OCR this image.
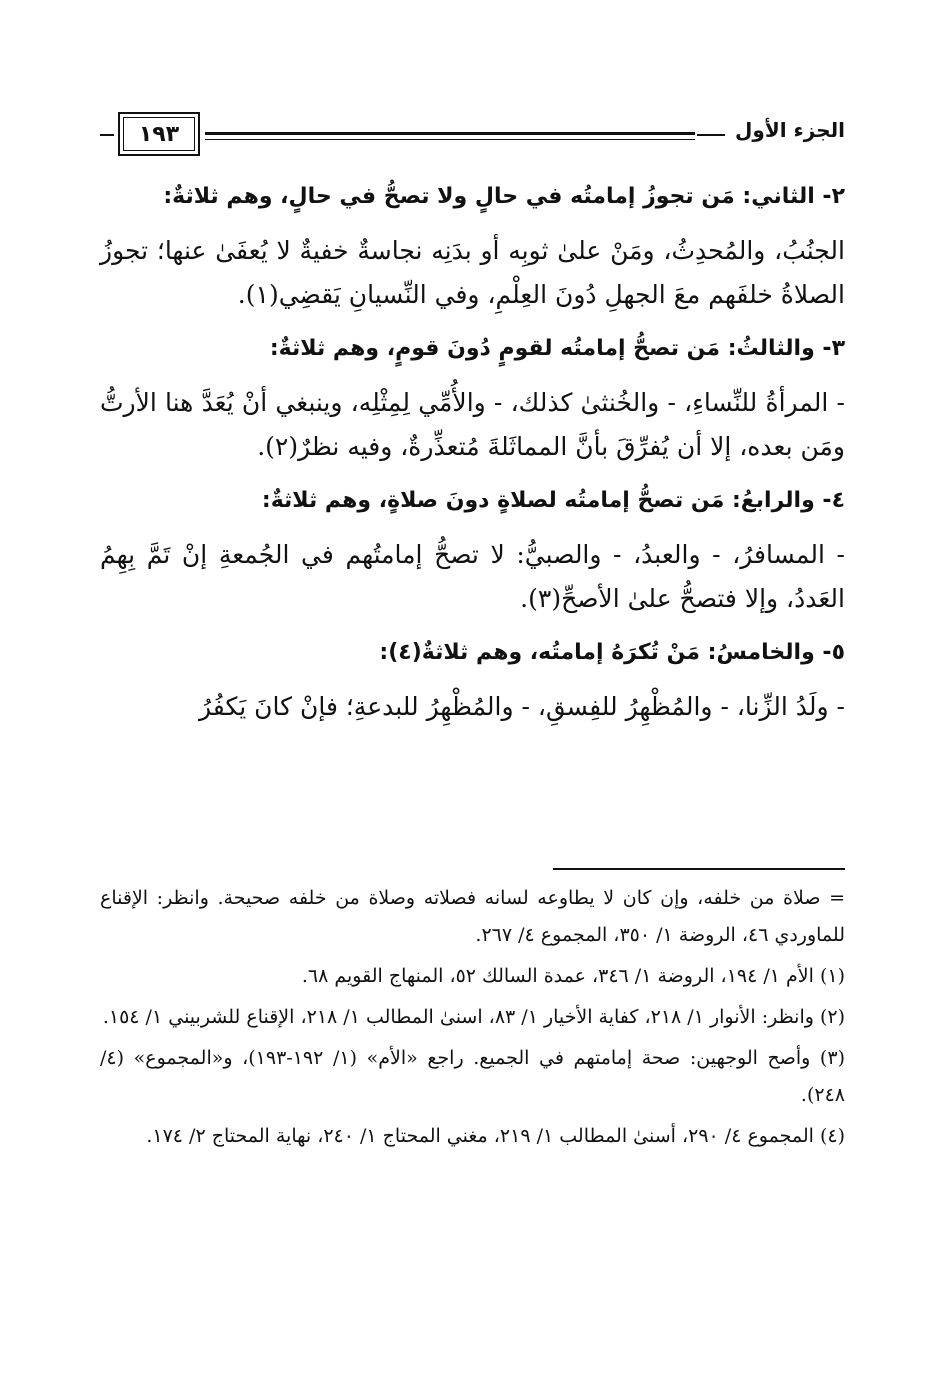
الجزء الأول
١٩٣

٢- الثاني: مَن تجوزُ إمامتُه في حالٍ ولا تصحُّ في حالٍ، وهم ثلاثةٌ:

الجنُبُ، والمُحدِثُ، ومَنْ علىٰ ثوبِه أو بدَنِه نجاسةٌ خفيةٌ لا يُعفَىٰ عنها؛ تجوزُ الصلاةُ خلفَهم معَ الجهلِ دُونَ العِلْمِ، وفي النِّسيانِ يَقضِي(١).

٣- والثالثُ: مَن تصحُّ إمامتُه لقومٍ دُونَ قومٍ، وهم ثلاثةٌ:

- المرأةُ للنِّساءِ، - والخُنثىٰ كذلك، - والأُمِّي لِمِثْلِه، وينبغي أنْ يُعَدَّ هنا الأرتُّ ومَن بعده، إلا أن يُفرِّقَ بأنَّ المماثَلةَ مُتعذِّرةٌ، وفيه نظرٌ(٢).

٤- والرابعُ: مَن تصحُّ إمامتُه لصلاةٍ دونَ صلاةٍ، وهم ثلاثةٌ:

- المسافرُ، - والعبدُ، - والصبيُّ: لا تصحُّ إمامتُهم في الجُمعةِ إنْ تَمَّ بِهِمُ العَددُ، وإلا فتصحُّ علىٰ الأصحِّ(٣).

٥- والخامسُ: مَنْ تُكرَهُ إمامتُه، وهم ثلاثةٌ(٤):

- ولَدُ الزِّنا، - والمُظْهِرُ للفِسقِ، - والمُظْهِرُ للبدعةِ؛ فإنْ كانَ يَكفُرُ

= صلاة من خلفه، وإن كان لا يطاوعه لسانه فصلاته وصلاة من خلفه صحيحة. وانظر: الإقناع للماوردي ٤٦، الروضة ١/ ٣٥٠، المجموع ٤/ ٢٦٧.

(١) الأم ١/ ١٩٤، الروضة ١/ ٣٤٦، عمدة السالك ٥٢، المنهاج القويم ٦٨.

(٢) وانظر: الأنوار ١/ ٢١٨، كفاية الأخيار ١/ ٨٣، اسنىٰ المطالب ١/ ٢١٨، الإقناع للشربيني ١/ ١٥٤.

(٣) وأصح الوجهين: صحة إمامتهم في الجميع. راجع «الأم» (١/ ١٩٢-١٩٣)، و«المجموع» (٤/ ٢٤٨).

(٤) المجموع ٤/ ٢٩٠، أسنىٰ المطالب ١/ ٢١٩، مغني المحتاج ١/ ٢٤٠، نهاية المحتاج ٢/ ١٧٤.
